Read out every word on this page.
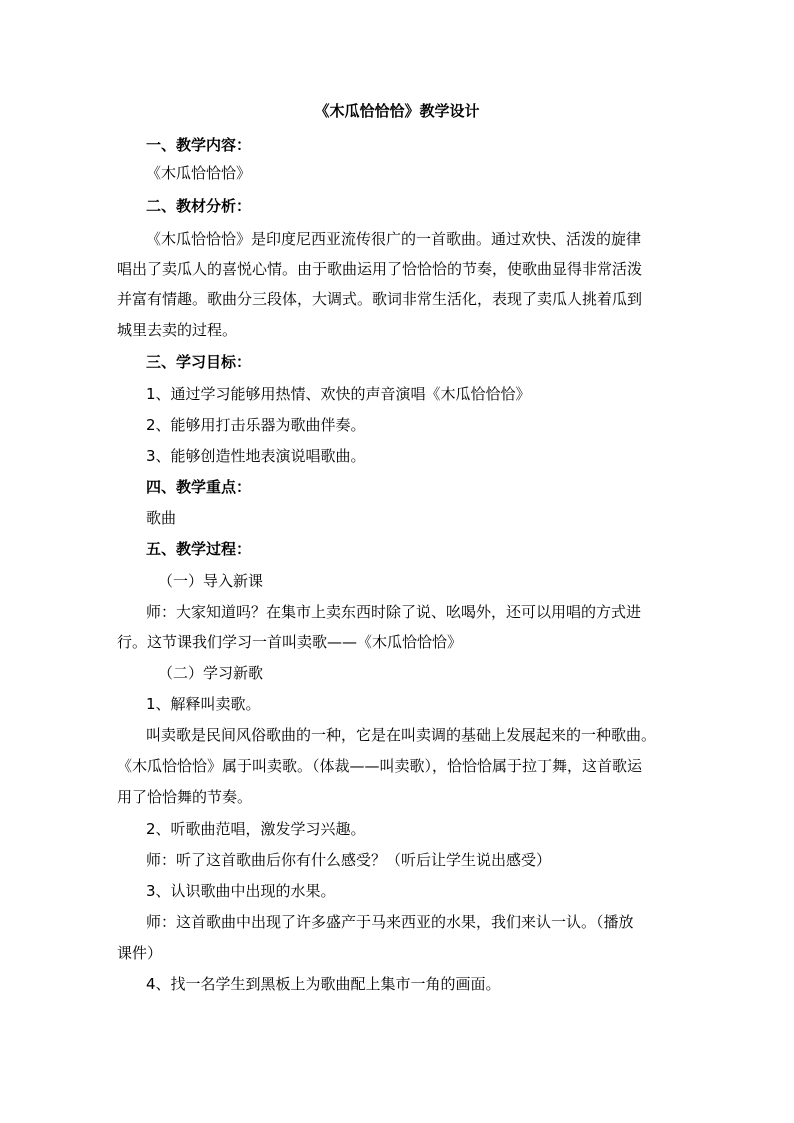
《木瓜恰恰恰》教学设计
一、教学内容：
《木瓜恰恰恰》
二、教材分析：
《木瓜恰恰恰》是印度尼西亚流传很广的一首歌曲。通过欢快、活泼的旋律
唱出了卖瓜人的喜悦心情。由于歌曲运用了恰恰恰的节奏，使歌曲显得非常活泼
并富有情趣。歌曲分三段体，大调式。歌词非常生活化，表现了卖瓜人挑着瓜到
城里去卖的过程。
三、学习目标：
1、通过学习能够用热情、欢快的声音演唱《木瓜恰恰恰》
2、能够用打击乐器为歌曲伴奏。
3、能够创造性地表演说唱歌曲。
四、教学重点：
歌曲
五、教学过程：
（一）导入新课
师：大家知道吗？在集市上卖东西时除了说、吆喝外，还可以用唱的方式进
行。这节课我们学习一首叫卖歌——《木瓜恰恰恰》
（二）学习新歌
1、解释叫卖歌。
叫卖歌是民间风俗歌曲的一种，它是在叫卖调的基础上发展起来的一种歌曲。
《木瓜恰恰恰》属于叫卖歌。（体裁——叫卖歌），恰恰恰属于拉丁舞，这首歌运
用了恰恰舞的节奏。
2、听歌曲范唱，激发学习兴趣。
师：听了这首歌曲后你有什么感受？（听后让学生说出感受）
3、认识歌曲中出现的水果。
师：这首歌曲中出现了许多盛产于马来西亚的水果，我们来认一认。（播放
课件）
4、找一名学生到黑板上为歌曲配上集市一角的画面。
